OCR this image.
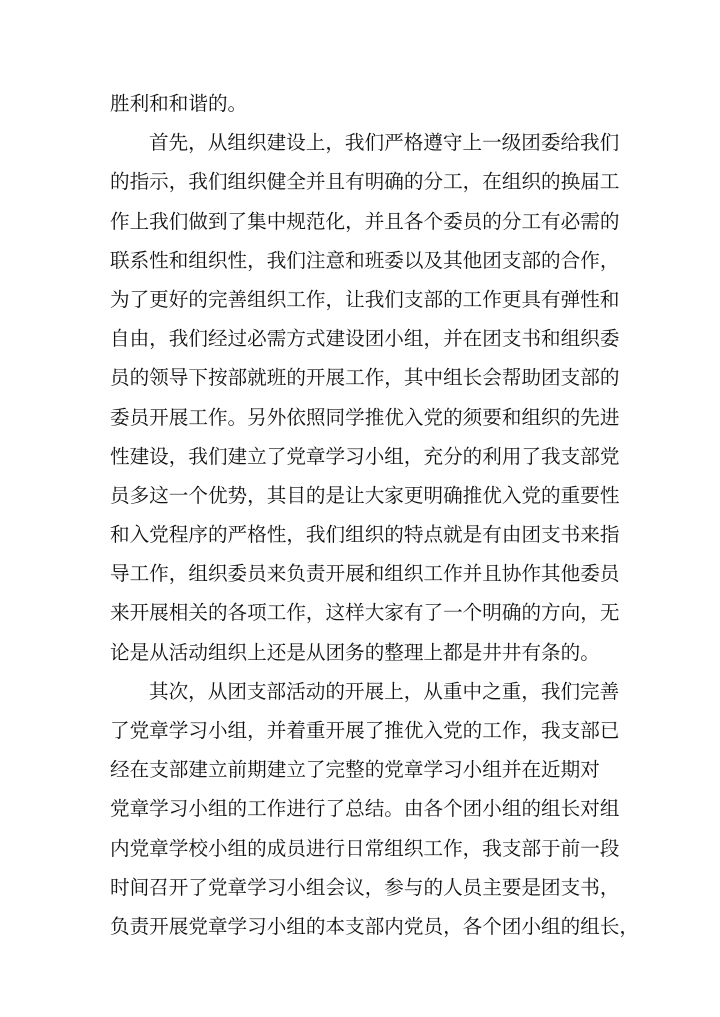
胜利和和谐的。
首先，从组织建设上，我们严格遵守上一级团委给我们
的指示，我们组织健全并且有明确的分工，在组织的换届工
作上我们做到了集中规范化，并且各个委员的分工有必需的
联系性和组织性，我们注意和班委以及其他团支部的合作，
为了更好的完善组织工作，让我们支部的工作更具有弹性和
自由，我们经过必需方式建设团小组，并在团支书和组织委
员的领导下按部就班的开展工作，其中组长会帮助团支部的
委员开展工作。另外依照同学推优入党的须要和组织的先进
性建设，我们建立了党章学习小组，充分的利用了我支部党
员多这一个优势，其目的是让大家更明确推优入党的重要性
和入党程序的严格性，我们组织的特点就是有由团支书来指
导工作，组织委员来负责开展和组织工作并且协作其他委员
来开展相关的各项工作，这样大家有了一个明确的方向，无
论是从活动组织上还是从团务的整理上都是井井有条的。
其次，从团支部活动的开展上，从重中之重，我们完善
了党章学习小组，并着重开展了推优入党的工作，我支部已
经在支部建立前期建立了完整的党章学习小组并在近期对
党章学习小组的工作进行了总结。由各个团小组的组长对组
内党章学校小组的成员进行日常组织工作，我支部于前一段
时间召开了党章学习小组会议，参与的人员主要是团支书，
负责开展党章学习小组的本支部内党员，各个团小组的组长，
